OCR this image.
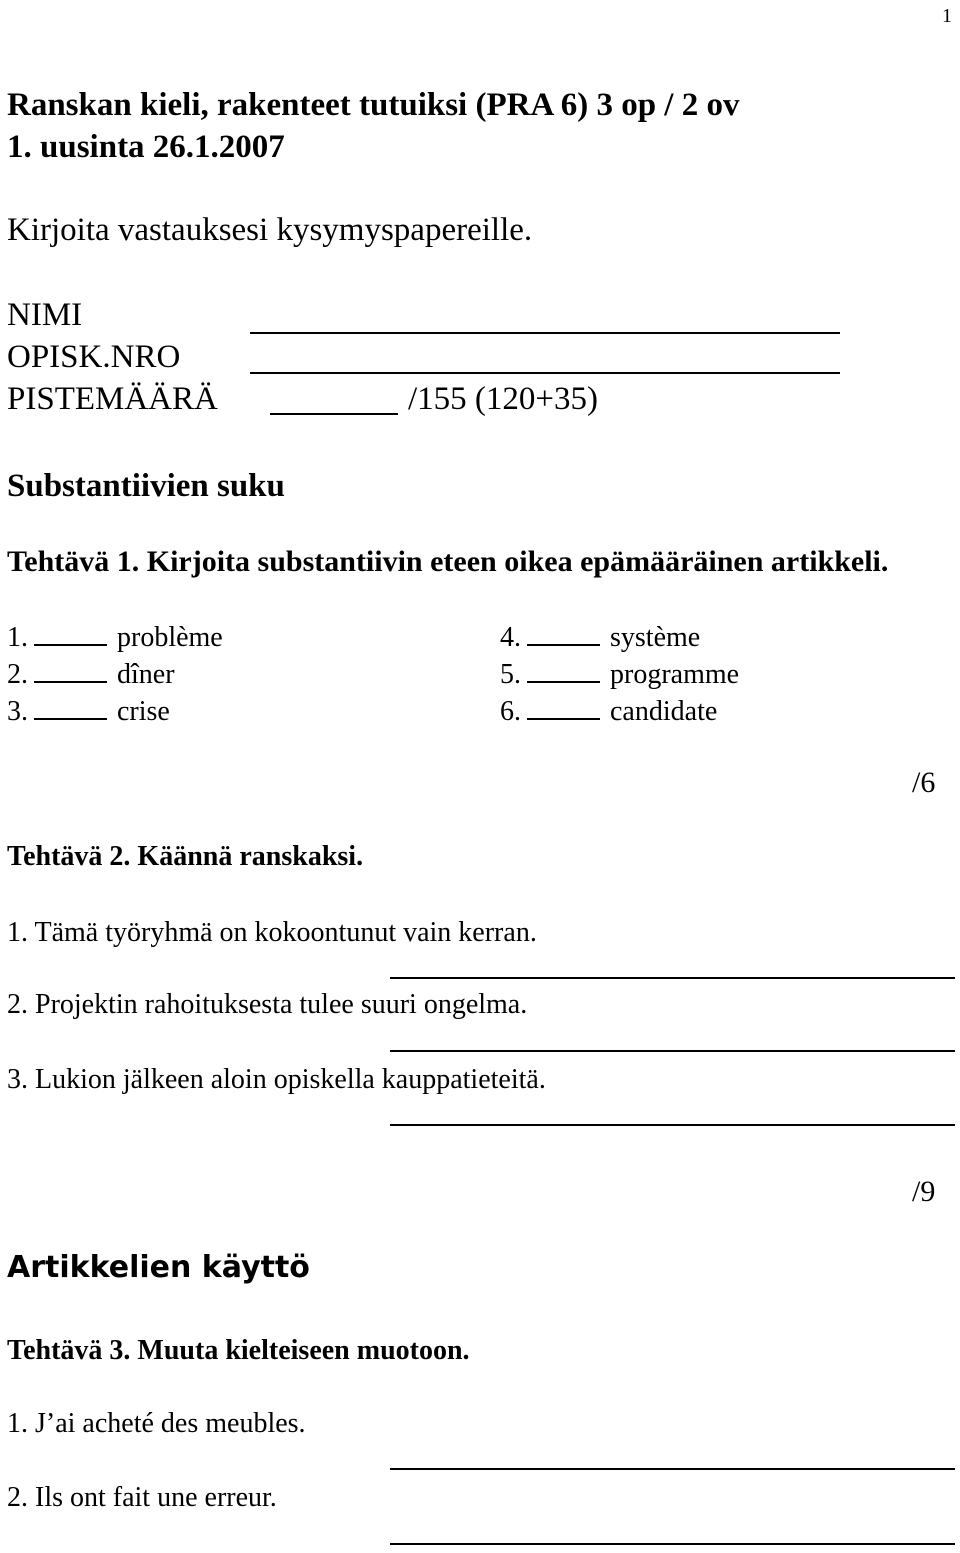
1
Ranskan kieli, rakenteet tutuiksi (PRA 6) 3 op / 2 ov
1. uusinta 26.1.2007
Kirjoita vastauksesi kysymyspapereille.
NIMI
OPISK.NRO
PISTEMÄÄRÄ	/155 (120+35)
Substantiivien suku
Tehtävä 1. Kirjoita substantiivin eteen oikea epämääräinen artikkeli.
1.	problème
2.	dîner
3.	crise
4.	système
5.	programme
6.	candidate
/6
Tehtävä 2. Käännä ranskaksi.
1. Tämä työryhmä on kokoontunut vain kerran.
2. Projektin rahoituksesta tulee suuri ongelma.
3. Lukion jälkeen aloin opiskella kauppatieteitä.
/9
Artikkelien käyttö
Tehtävä 3. Muuta kielteiseen muotoon.
1. J’ai acheté des meubles.
2. Ils ont fait une erreur.
